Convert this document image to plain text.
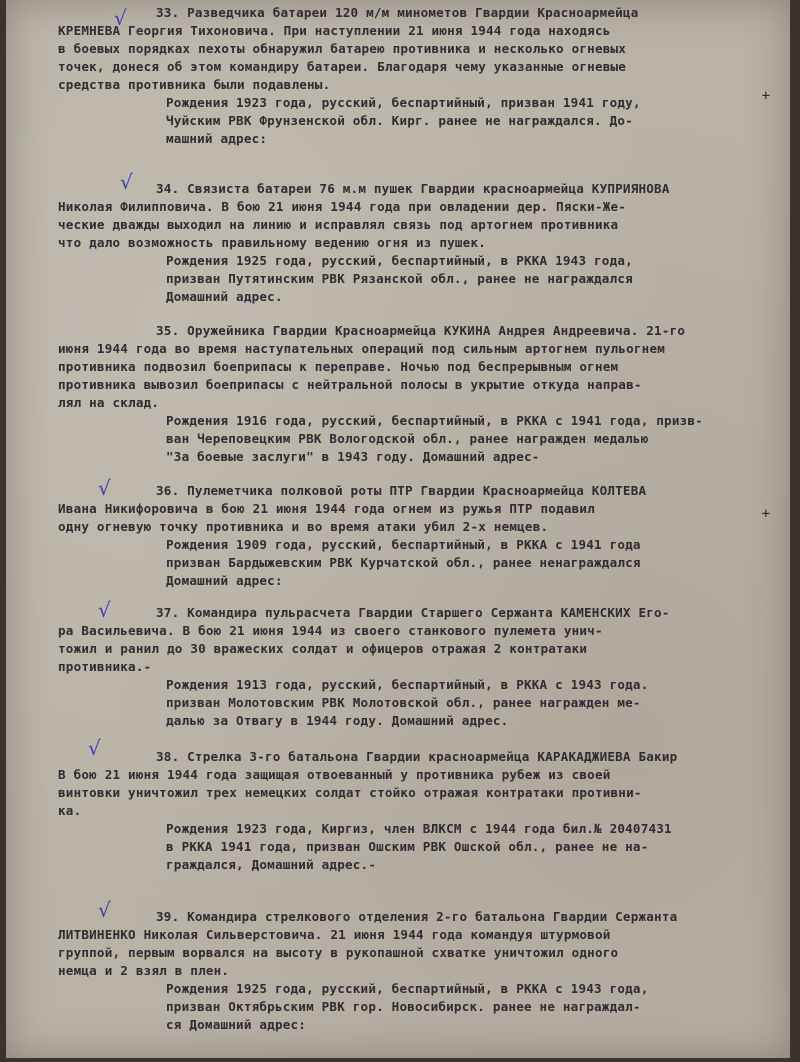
√	33. Разведчика батареи 120 м/м минометов Гвардии Красноармейца
КРЕМНЕВА Георгия Тихоновича. При наступлении 21 июня 1944 года находясь
в боевых порядках пехоты обнаружил батарею противника и несколько огневых
точек, донеся об этом командиру батареи. Благодаря чему указанные огневые
средства противника были подавлены.
Рождения 1923 года, русский, беспартийный, призван 1941 году,
Чуйским РВК Фрунзенской обл. Кирг. ранее не награждался. До-
машний адрес:
+
√	34. Связиста батареи 76 м.м пушек Гвардии красноармейца КУПРИЯНОВА
Николая Филипповича. В бою 21 июня 1944 года при овладении дер. Пяски-Же-
ческие дважды выходил на линию и исправлял связь под артогнем противника
что дало возможность правильному ведению огня из пушек.
Рождения 1925 года, русский, беспартийный, в РККА 1943 года,
призван Путятинским РВК Рязанской обл., ранее не награждался
Домашний адрес.
35. Оружейника Гвардии Красноармейца КУКИНА Андрея Андреевича. 21-го
июня 1944 года во время наступательных операций под сильным артогнем пульогнем
противника подвозил боеприпасы к переправе. Ночью под беспрерывным огнем
противника вывозил боеприпасы с нейтральной полосы в укрытие откуда направ-
лял на склад.
Рождения 1916 года, русский, беспартийный, в РККА с 1941 года, призв-
ван Череповецким РВК Вологодской обл., ранее награжден медалью
"За боевые заслуги" в 1943 году. Домашний адрес-
√	36. Пулеметчика полковой роты ПТР Гвардии Красноармейца КОЛТЕВА
Ивана Никифоровича в бою 21 июня 1944 года огнем из ружья ПТР подавил
одну огневую точку противника и во время атаки убил 2-х немцев.
Рождения 1909 года, русский, беспартийный, в РККА с 1941 года
призван Бардыжевским РВК Курчатской обл., ранее ненаграждался
Домашний адрес:
+
√	37. Командира пульрасчета Гвардии Старшего Сержанта КАМЕНСКИХ Его-
ра Васильевича. В бою 21 июня 1944 из своего станкового пулемета унич-
тожил и ранил до 30 вражеских солдат и офицеров отражая 2 контратаки
противника.-
Рождения 1913 года, русский, беспартийный, в РККА с 1943 года.
призван Молотовским РВК Молотовской обл., ранее награжден ме-
далью за Отвагу в 1944 году. Домашний адрес.
√	38. Стрелка 3-го батальона Гвардии красноармейца КАРАКАДЖИЕВА Бакир
В бою 21 июня 1944 года защищая отвоеванный у противника рубеж из своей
винтовки уничтожил трех немецких солдат стойко отражая контратаки противни-
ка.
Рождения 1923 года, Киргиз, член ВЛКСМ с 1944 года бил.№ 20407431
в РККА 1941 года, призван Ошским РВК Ошской обл., ранее не на-
граждался, Домашний адрес.-
√	39. Командира стрелкового отделения 2-го батальона Гвардии Сержанта
ЛИТВИНЕНКО Николая Сильверстовича. 21 июня 1944 года командуя штурмовой
группой, первым ворвался на высоту в рукопашной схватке уничтожил одного
немца и 2 взял в плен.
Рождения 1925 года, русский, беспартийный, в РККА с 1943 года,
призван Октябрьским РВК гор. Новосибирск. ранее не награждал-
ся Домашний адрес:
